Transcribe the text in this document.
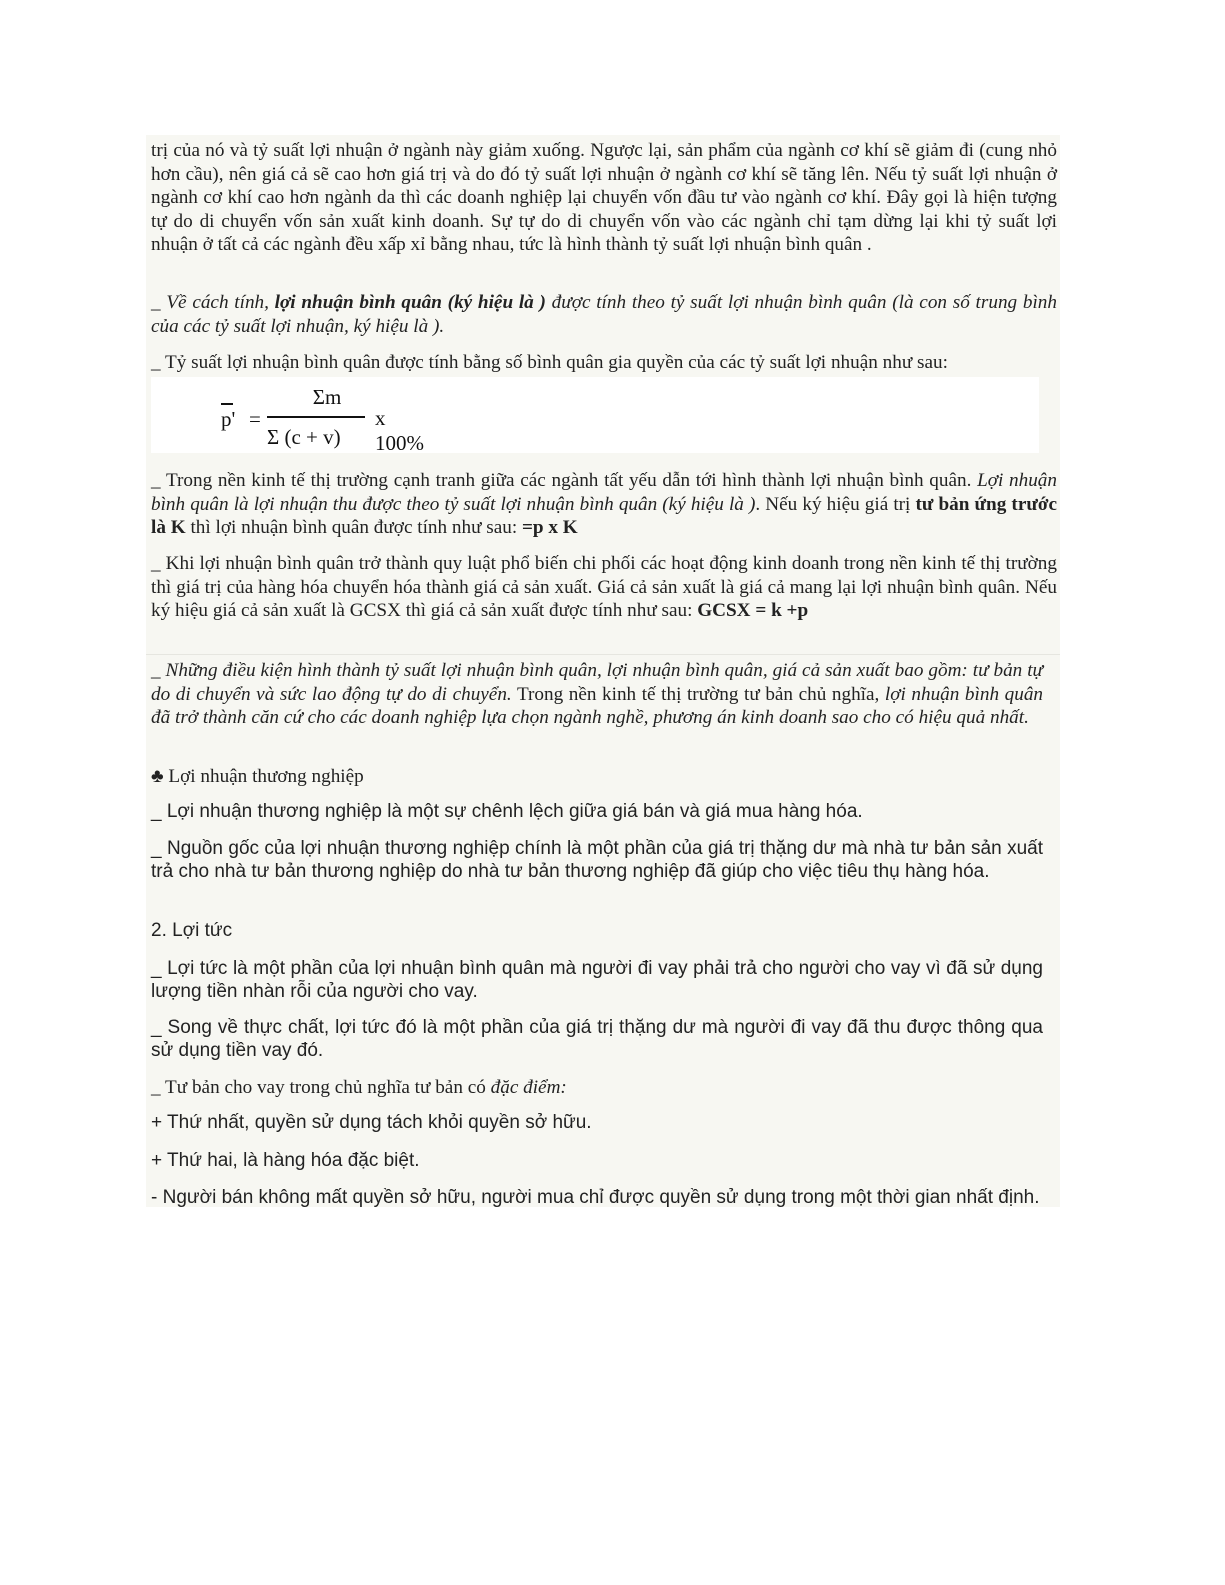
trị của nó và tỷ suất lợi nhuận ở ngành này giảm xuống. Ngược lại, sản phẩm của ngành cơ khí sẽ giảm đi (cung nhỏ hơn cầu), nên giá cả sẽ cao hơn giá trị và do đó tỷ suất lợi nhuận ở ngành cơ khí sẽ tăng lên. Nếu tỷ suất lợi nhuận ở ngành cơ khí cao hơn ngành da thì các doanh nghiệp lại chuyển vốn đầu tư vào ngành cơ khí. Đây gọi là hiện tượng tự do di chuyển vốn sản xuất kinh doanh. Sự tự do di chuyển vốn vào các ngành chỉ tạm dừng lại khi tỷ suất lợi nhuận ở tất cả các ngành đều xấp xỉ bằng nhau, tức là hình thành tỷ suất lợi nhuận bình quân .

_ Về cách tính, lợi nhuận bình quân (ký hiệu là ) được tính theo tỷ suất lợi nhuận bình quân (là con số trung bình của các tỷ suất lợi nhuận, ký hiệu là ).

_ Tỷ suất lợi nhuận bình quân được tính bằng số bình quân gia quyền của các tỷ suất lợi nhuận như sau:

p' =
Σm
Σ (c + v)
x 100%

_ Trong nền kinh tế thị trường cạnh tranh giữa các ngành tất yếu dẫn tới hình thành lợi nhuận bình quân. Lợi nhuận bình quân là lợi nhuận thu được theo tỷ suất lợi nhuận bình quân (ký hiệu là ). Nếu ký hiệu giá trị tư bản ứng trước là K thì lợi nhuận bình quân được tính như sau: =p x K

_ Khi lợi nhuận bình quân trở thành quy luật phổ biến chi phối các hoạt động kinh doanh trong nền kinh tế thị trường thì giá trị của hàng hóa chuyển hóa thành giá cả sản xuất. Giá cả sản xuất là giá cả mang lại lợi nhuận bình quân. Nếu ký hiệu giá cả sản xuất là GCSX thì giá cả sản xuất được tính như sau: GCSX = k +p

_ Những điều kiện hình thành tỷ suất lợi nhuận bình quân, lợi nhuận bình quân, giá cả sản xuất bao gồm: tư bản tự do di chuyển và sức lao động tự do di chuyển. Trong nền kinh tế thị trường tư bản chủ nghĩa, lợi nhuận bình quân đã trở thành căn cứ cho các doanh nghiệp lựa chọn ngành nghề, phương án kinh doanh sao cho có hiệu quả nhất.

♣ Lợi nhuận thương nghiệp

_ Lợi nhuận thương nghiệp là một sự chênh lệch giữa giá bán và giá mua hàng hóa.

_ Nguồn gốc của lợi nhuận thương nghiệp chính là một phần của giá trị thặng dư mà nhà tư bản sản xuất trả cho nhà tư bản thương nghiệp do nhà tư bản thương nghiệp đã giúp cho việc tiêu thụ hàng hóa.

2. Lợi tức

_ Lợi tức là một phần của lợi nhuận bình quân mà người đi vay phải trả cho người cho vay vì đã sử dụng lượng tiền nhàn rỗi của người cho vay.

_ Song về thực chất, lợi tức đó là một phần của giá trị thặng dư mà người đi vay đã thu được thông qua sử dụng tiền vay đó.

_ Tư bản cho vay trong chủ nghĩa tư bản có đặc điểm:

+ Thứ nhất, quyền sử dụng tách khỏi quyền sở hữu.

+ Thứ hai, là hàng hóa đặc biệt.

- Người bán không mất quyền sở hữu, người mua chỉ được quyền sử dụng trong một thời gian nhất định.
